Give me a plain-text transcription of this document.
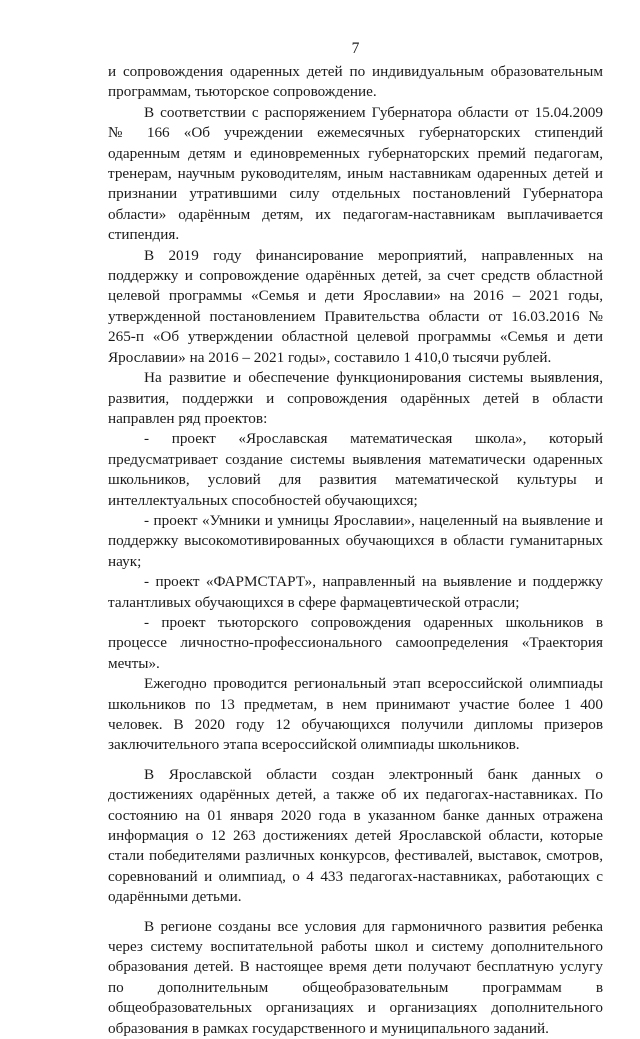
7

и сопровождения одаренных детей по индивидуальным образовательным программам, тьюторское сопровождение.

В соответствии с распоряжением Губернатора области от 15.04.2009 № 166 «Об учреждении ежемесячных губернаторских стипендий одаренным детям и единовременных губернаторских премий педагогам, тренерам, научным руководителям, иным наставникам одаренных детей и признании утратившими силу отдельных постановлений Губернатора области» одарённым детям, их педагогам-наставникам выплачивается стипендия.

В 2019 году финансирование мероприятий, направленных на поддержку и сопровождение одарённых детей, за счет средств областной целевой программы «Семья и дети Ярославии» на 2016 – 2021 годы, утвержденной постановлением Правительства области от 16.03.2016 № 265-п «Об утверждении областной целевой программы «Семья и дети Ярославии» на 2016 – 2021 годы», составило 1 410,0 тысячи рублей.

На развитие и обеспечение функционирования системы выявления, развития, поддержки и сопровождения одарённых детей в области направлен ряд проектов:

- проект «Ярославская математическая школа», который предусматривает создание системы выявления математически одаренных школьников, условий для развития математической культуры и интеллектуальных способностей обучающихся;

- проект «Умники и умницы Ярославии», нацеленный на выявление и поддержку высокомотивированных обучающихся в области гуманитарных наук;

- проект «ФАРМСТАРТ», направленный на выявление и поддержку талантливых обучающихся в сфере фармацевтической отрасли;

- проект тьюторского сопровождения одаренных школьников в процессе личностно-профессионального самоопределения «Траектория мечты».

Ежегодно проводится региональный этап всероссийской олимпиады школьников по 13 предметам, в нем принимают участие более 1 400 человек. В 2020 году 12 обучающихся получили дипломы призеров заключительного этапа всероссийской олимпиады школьников.

В Ярославской области создан электронный банк данных о достижениях одарённых детей, а также об их педагогах-наставниках. По состоянию на 01 января 2020 года в указанном банке данных отражена информация о 12 263 достижениях детей Ярославской области, которые стали победителями различных конкурсов, фестивалей, выставок, смотров, соревнований и олимпиад, о 4 433 педагогах-наставниках, работающих с одарёнными детьми.

В регионе созданы все условия для гармоничного развития ребенка через систему воспитательной работы школ и систему дополнительного образования детей. В настоящее время дети получают бесплатную услугу по дополнительным общеобразовательным программам в общеобразовательных организациях и организациях дополнительного образования в рамках государственного и муниципального заданий.
